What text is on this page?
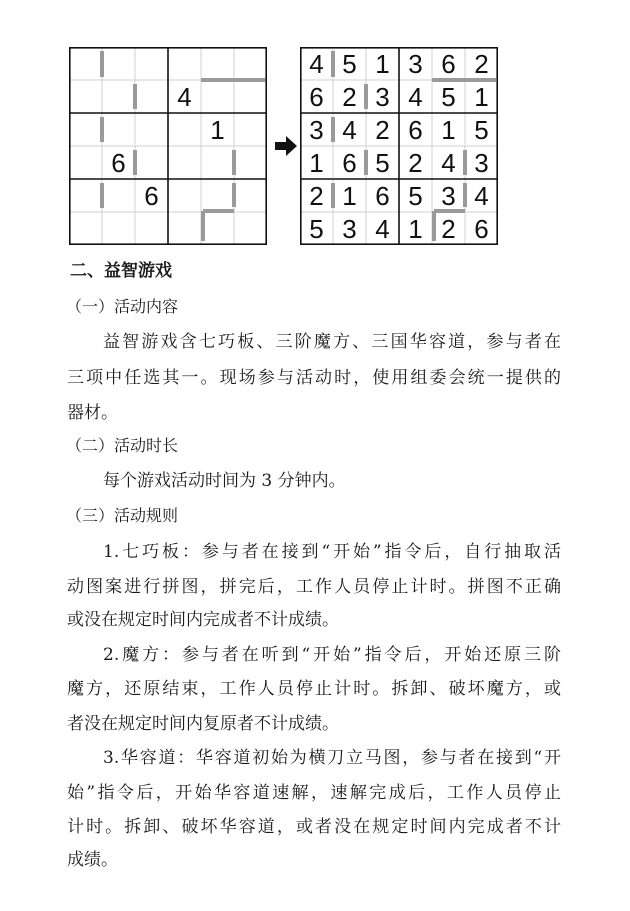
4
1
6
6
4 5 1 3 6 2
6 2 3 4 5 1
3 4 2 6 1 5
1 6 5 2 4 3
2 1 6 5 3 4
5 3 4 1 2 6
二、益智游戏
（一）活动内容
益智游戏含七巧板、三阶魔方、三国华容道，参与者在
三项中任选其一。现场参与活动时，使用组委会统一提供的
器材。
（二）活动时长
每个游戏活动时间为 3 分钟内。
（三）活动规则
1.七巧板：参与者在接到“开始”指令后，自行抽取活
动图案进行拼图，拼完后，工作人员停止计时。拼图不正确
或没在规定时间内完成者不计成绩。
2.魔方：参与者在听到“开始”指令后，开始还原三阶
魔方，还原结束，工作人员停止计时。拆卸、破坏魔方，或
者没在规定时间内复原者不计成绩。
3.华容道：华容道初始为横刀立马图，参与者在接到“开
始”指令后，开始华容道速解，速解完成后，工作人员停止
计时。拆卸、破坏华容道，或者没在规定时间内完成者不计
成绩。
